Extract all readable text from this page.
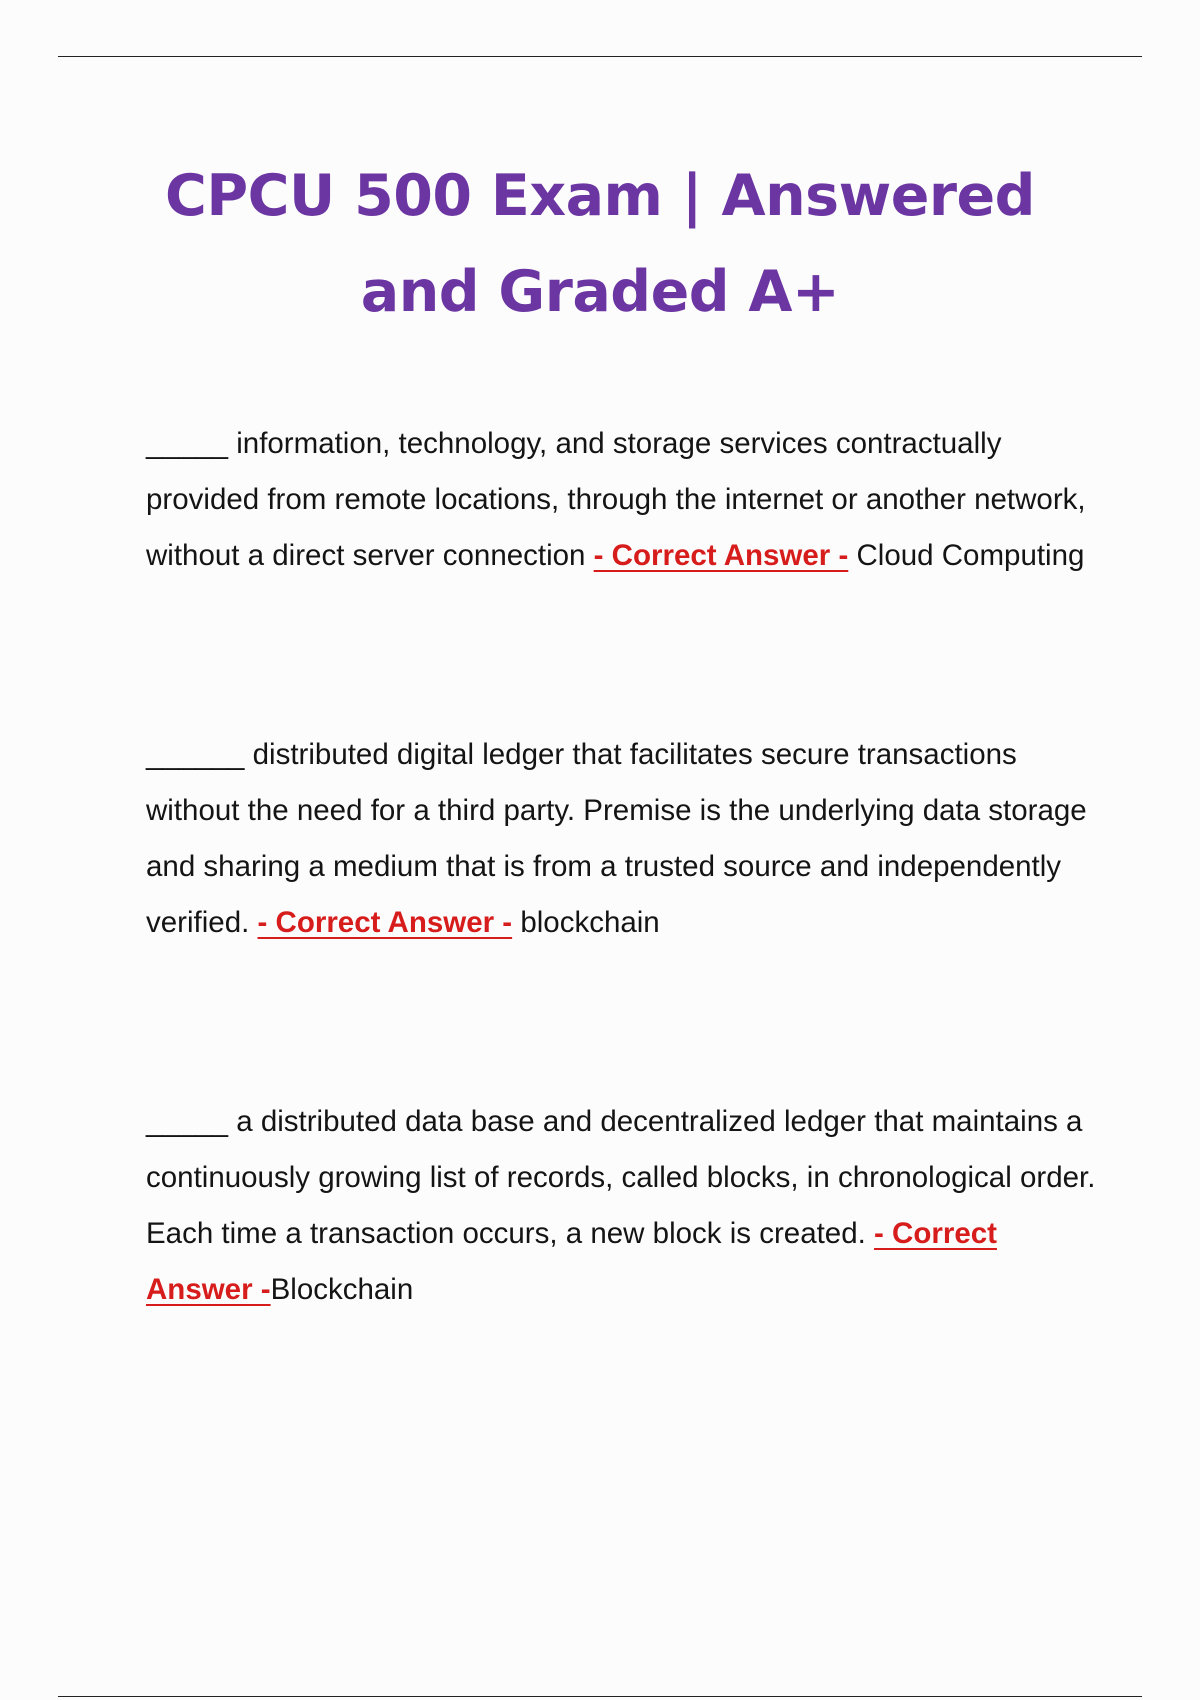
CPCU 500 Exam | Answered and Graded A+

_____ information, technology, and storage services contractually provided from remote locations, through the internet or another network, without a direct server connection - Correct Answer - Cloud Computing

______ distributed digital ledger that facilitates secure transactions without the need for a third party. Premise is the underlying data storage and sharing a medium that is from a trusted source and independently verified. - Correct Answer - blockchain

_____ a distributed data base and decentralized ledger that maintains a continuously growing list of records, called blocks, in chronological order. Each time a transaction occurs, a new block is created. - Correct Answer -Blockchain
